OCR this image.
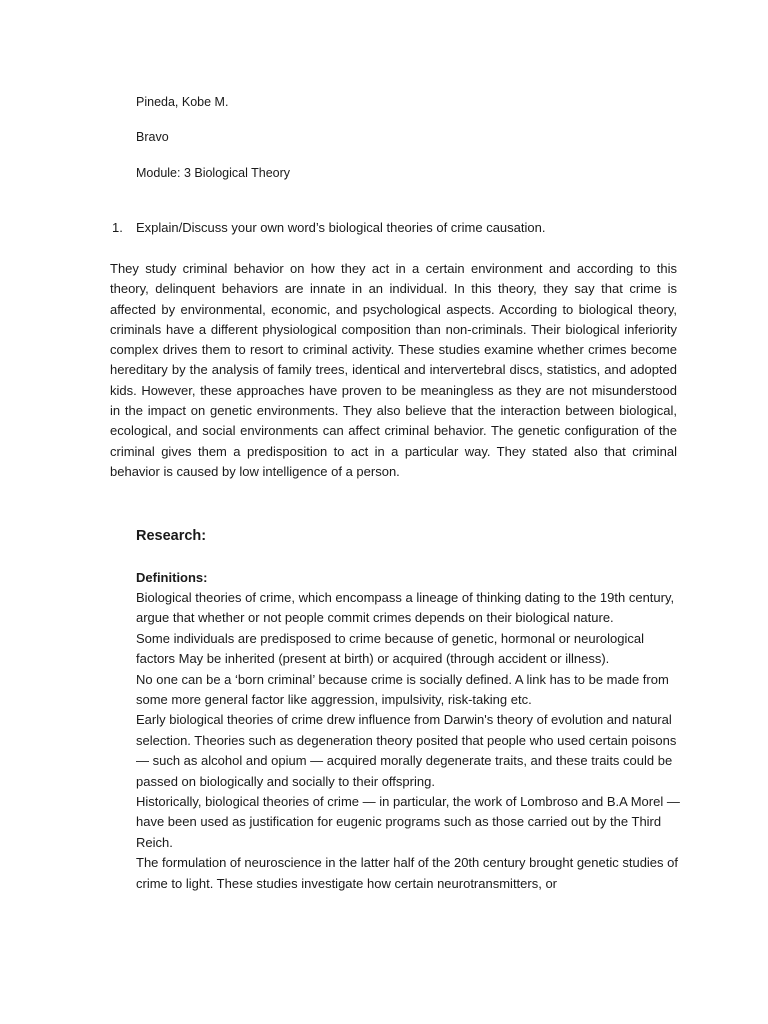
Pineda, Kobe M.
Bravo
Module: 3 Biological Theory
1. Explain/Discuss your own word’s biological theories of crime causation.

They study criminal behavior on how they act in a certain environment and according to this theory, delinquent behaviors are innate in an individual. In this theory, they say that crime is affected by environmental, economic, and psychological aspects. According to biological theory, criminals have a different physiological composition than non-criminals. Their biological inferiority complex drives them to resort to criminal activity. These studies examine whether crimes become hereditary by the analysis of family trees, identical and intervertebral discs, statistics, and adopted kids. However, these approaches have proven to be meaningless as they are not misunderstood in the impact on genetic environments. They also believe that the interaction between biological, ecological, and social environments can affect criminal behavior. The genetic configuration of the criminal gives them a predisposition to act in a particular way. They stated also that criminal behavior is caused by low intelligence of a person.

Research:
Definitions:

Biological theories of crime, which encompass a lineage of thinking dating to the 19th century, argue that whether or not people commit crimes depends on their biological nature.

Some individuals are predisposed to crime because of genetic, hormonal or neurological factors May be inherited (present at birth) or acquired (through accident or illness).

No one can be a ‘born criminal’ because crime is socially defined. A link has to be made from some more general factor like aggression, impulsivity, risk-taking etc.

Early biological theories of crime drew influence from Darwin's theory of evolution and natural selection. Theories such as degeneration theory posited that people who used certain poisons — such as alcohol and opium — acquired morally degenerate traits, and these traits could be passed on biologically and socially to their offspring.

Historically, biological theories of crime — in particular, the work of Lombroso and B.A Morel — have been used as justification for eugenic programs such as those carried out by the Third Reich.

The formulation of neuroscience in the latter half of the 20th century brought genetic studies of crime to light. These studies investigate how certain neurotransmitters, or
